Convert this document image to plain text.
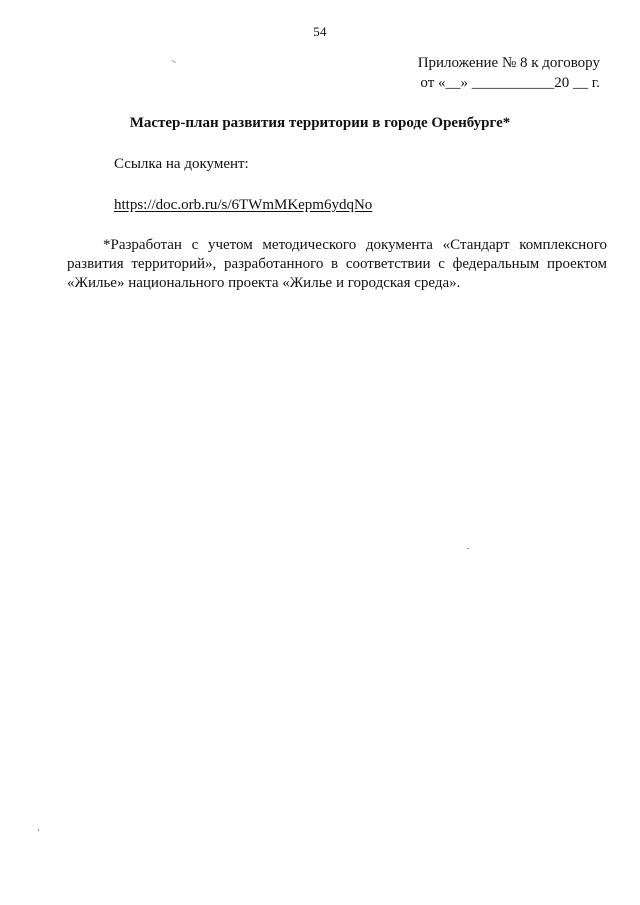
54
Приложение № 8 к договору
от «__» ___________20 __ г.
Мастер-план развития территории в городе Оренбурге*
Ссылка на документ:
https://doc.orb.ru/s/6TWmMKepm6ydqNo
*Разработан с учетом методического документа «Стандарт комплексного развития территорий», разработанного в соответствии с федеральным проектом «Жилье» национального проекта «Жилье и городская среда».
